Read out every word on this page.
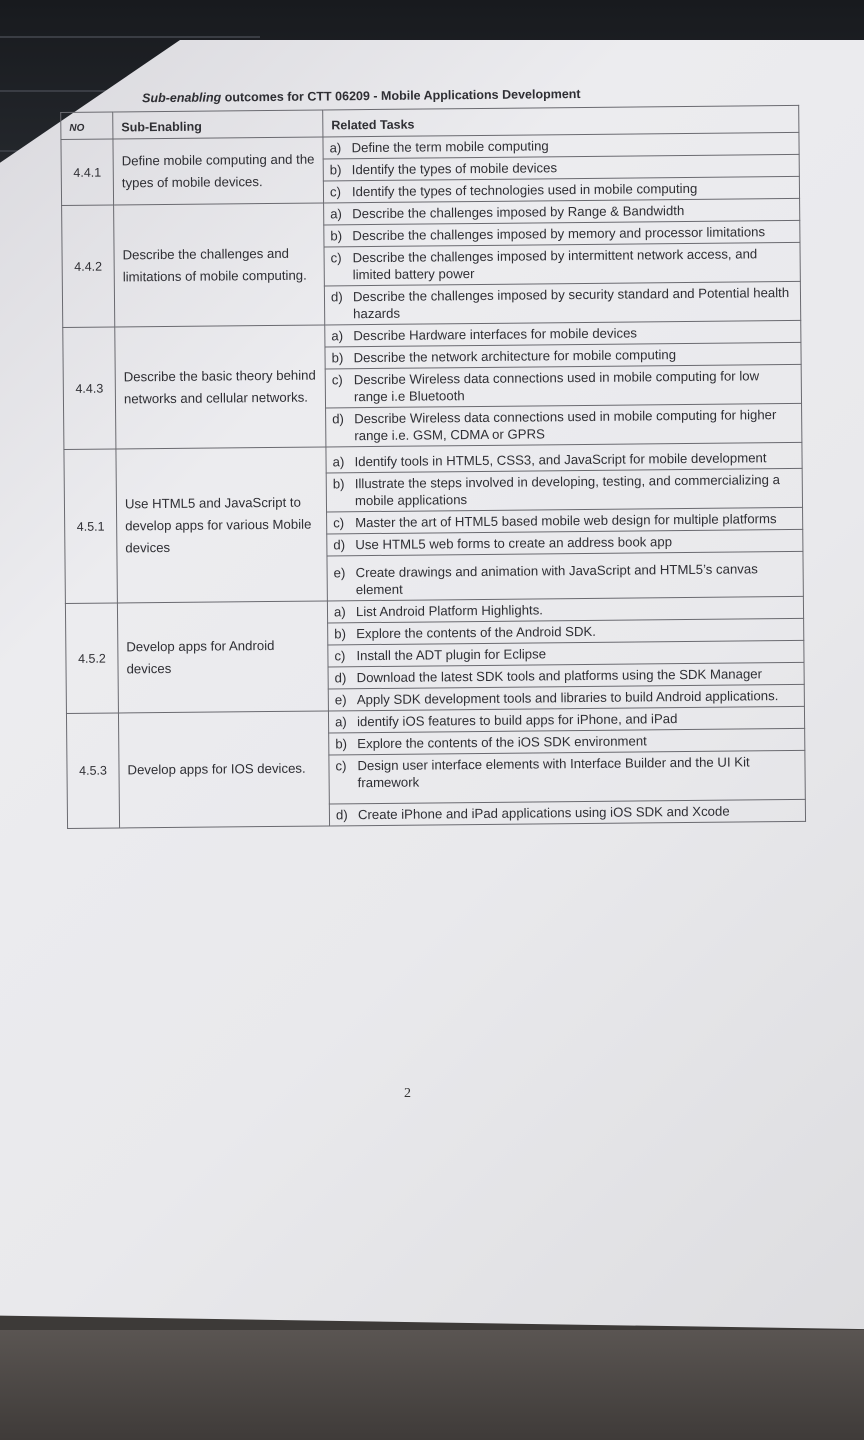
Sub-enabling outcomes for CTT 06209 - Mobile Applications Development
NO	Sub-Enabling	Related Tasks
4.4.1	Define mobile computing and the types of mobile devices.	a) Define the term mobile computing

		b) Identify the types of mobile devices

		c) Identify the types of technologies used in mobile computing

4.4.2	Describe the challenges and limitations of mobile computing.	a) Describe the challenges imposed by Range & Bandwidth

		b) Describe the challenges imposed by memory and processor limitations

		c) Describe the challenges imposed by intermittent network access, and limited battery power

		d) Describe the challenges imposed by security standard and Potential health hazards

4.4.3	Describe the basic theory behind networks and cellular networks.	a) Describe Hardware interfaces for mobile devices

		b) Describe the network architecture for mobile computing

		c) Describe Wireless data connections used in mobile computing for low range i.e Bluetooth

		d) Describe Wireless data connections used in mobile computing for higher range i.e. GSM, CDMA or GPRS

4.5.1	Use HTML5 and JavaScript to develop apps for various Mobile devices	a) Identify tools in HTML5, CSS3, and JavaScript for mobile development

		b) Illustrate the steps involved in developing, testing, and commercializing a mobile applications

		c) Master the art of HTML5 based mobile web design for multiple platforms

		d) Use HTML5 web forms to create an address book app

		e) Create drawings and animation with JavaScript and HTML5’s canvas element

4.5.2	Develop apps for Android devices	a) List Android Platform Highlights.

		b) Explore the contents of the Android SDK.

		c) Install the ADT plugin for Eclipse

		d) Download the latest SDK tools and platforms using the SDK Manager

		e) Apply SDK development tools and libraries to build Android applications.

4.5.3	Develop apps for IOS devices.	a) identify iOS features to build apps for iPhone, and iPad

		b) Explore the contents of the iOS SDK environment

		c) Design user interface elements with Interface Builder and the UI Kit framework

		d) Create iPhone and iPad applications using iOS SDK and Xcode
2
